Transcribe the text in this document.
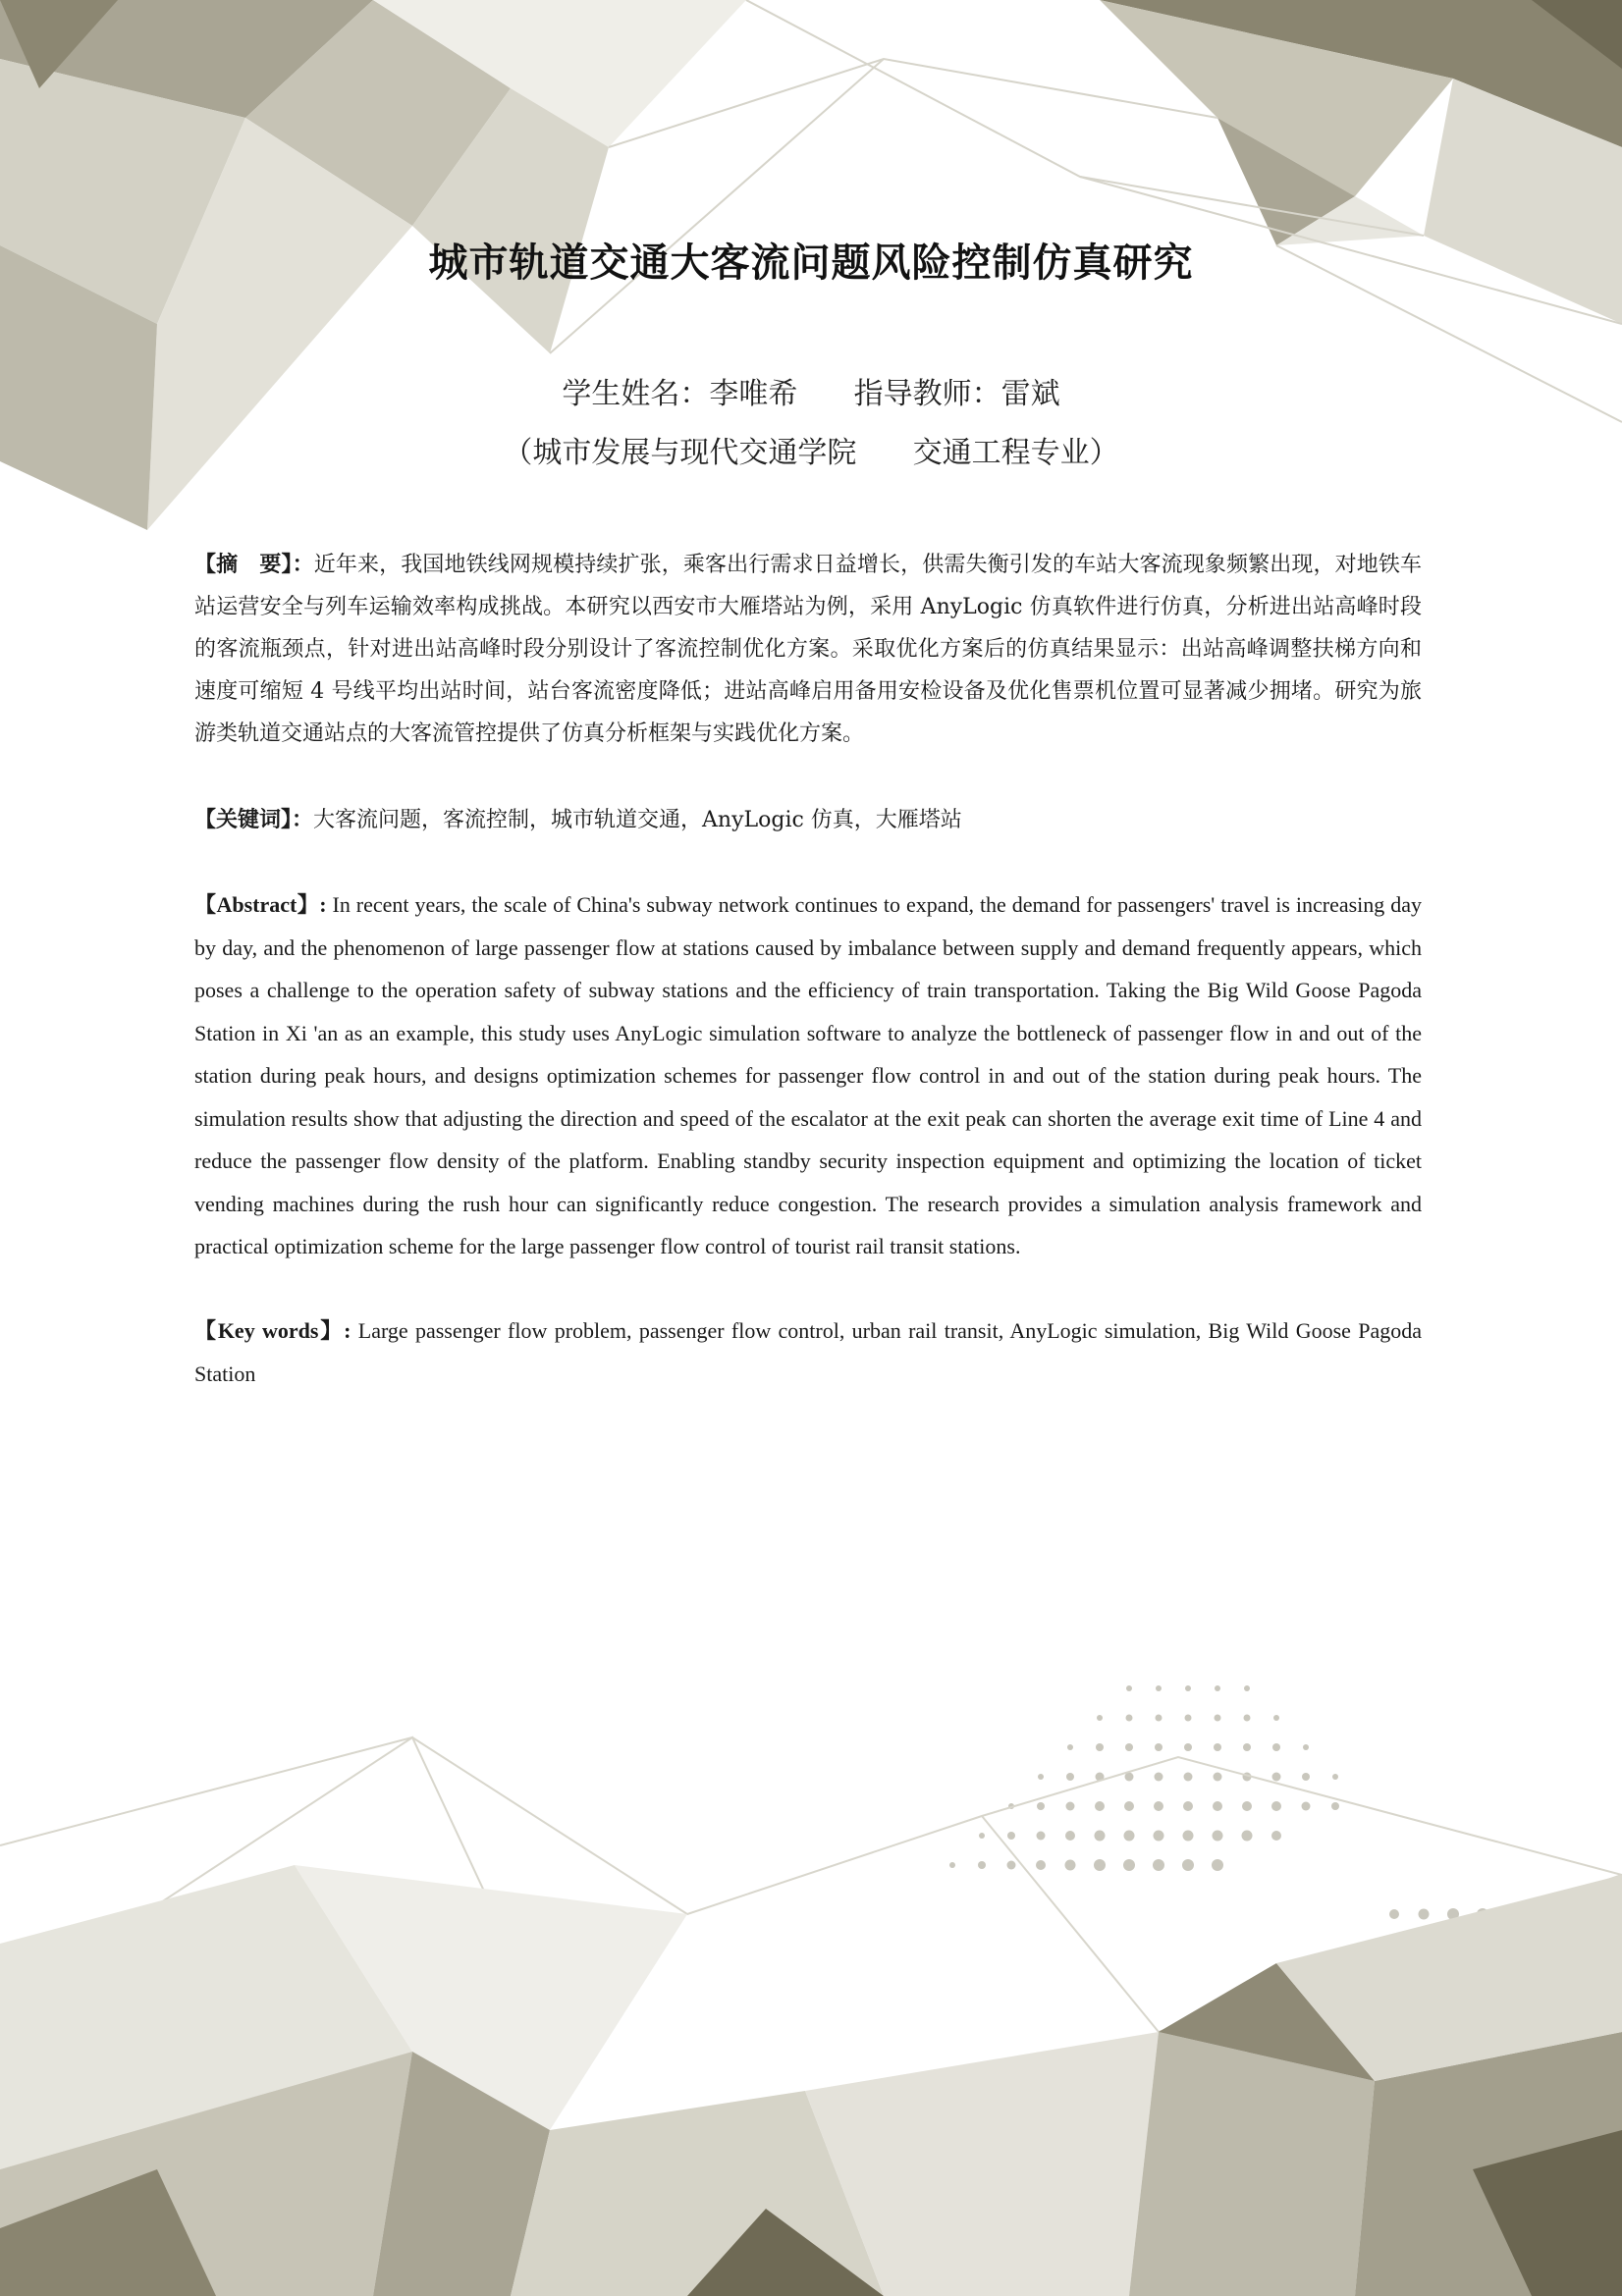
城市轨道交通大客流问题风险控制仿真研究
学生姓名：李唯希      指导教师：雷斌
（城市发展与现代交通学院      交通工程专业）
【摘　要】：近年来，我国地铁线网规模持续扩张，乘客出行需求日益增长，供需失衡引发的车站大客流现象频繁出现，对地铁车站运营安全与列车运输效率构成挑战。本研究以西安市大雁塔站为例，采用 AnyLogic 仿真软件进行仿真，分析进出站高峰时段的客流瓶颈点，针对进出站高峰时段分别设计了客流控制优化方案。采取优化方案后的仿真结果显示：出站高峰调整扶梯方向和速度可缩短 4 号线平均出站时间，站台客流密度降低；进站高峰启用备用安检设备及优化售票机位置可显著减少拥堵。研究为旅游类轨道交通站点的大客流管控提供了仿真分析框架与实践优化方案。
【关键词】：大客流问题，客流控制，城市轨道交通，AnyLogic 仿真，大雁塔站
【Abstract】: In recent years, the scale of China's subway network continues to expand, the demand for passengers' travel is increasing day by day, and the phenomenon of large passenger flow at stations caused by imbalance between supply and demand frequently appears, which poses a challenge to the operation safety of subway stations and the efficiency of train transportation. Taking the Big Wild Goose Pagoda Station in Xi 'an as an example, this study uses AnyLogic simulation software to analyze the bottleneck of passenger flow in and out of the station during peak hours, and designs optimization schemes for passenger flow control in and out of the station during peak hours. The simulation results show that adjusting the direction and speed of the escalator at the exit peak can shorten the average exit time of Line 4 and reduce the passenger flow density of the platform. Enabling standby security inspection equipment and optimizing the location of ticket vending machines during the rush hour can significantly reduce congestion. The research provides a simulation analysis framework and practical optimization scheme for the large passenger flow control of tourist rail transit stations.
【Key words】: Large passenger flow problem, passenger flow control, urban rail transit, AnyLogic simulation, Big Wild Goose Pagoda Station
